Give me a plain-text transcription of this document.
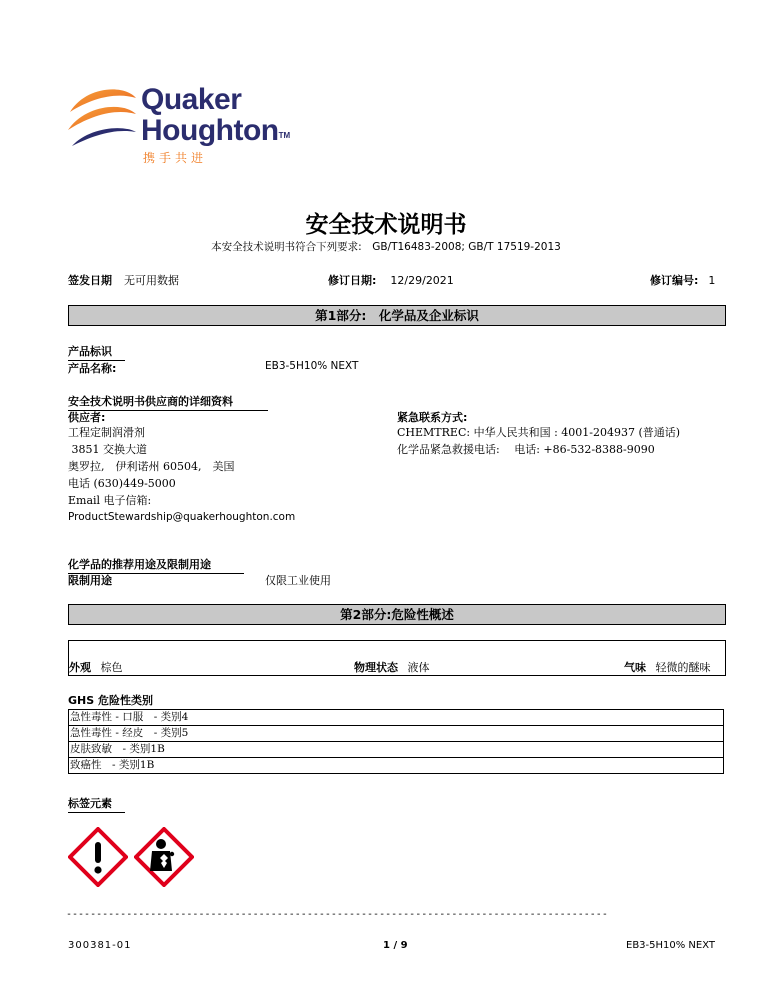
Quaker
HoughtonTM
携手共进
安全技术说明书
本安全技术说明书符合下列要求:　GB/T16483-2008; GB/T 17519-2013
签发日期 无可用数据	修订日期: 12/29/2021	修订编号: 1
第1部分:　化学品及企业标识
产品标识
产品名称:	EB3-5H10% NEXT
安全技术说明书供应商的详细资料
供应者:
工程定制润滑剂
3851 交换大道
奥罗拉,　伊利诺州 60504,　美国
电话 (630)449-5000
Email 电子信箱:
ProductStewardship@quakerhoughton.com
紧急联系方式:
CHEMTREC: 中华人民共和国 : 4001-204937 (普通话)
化学品紧急救援电话:　 电话: +86-532-8388-9090
化学品的推荐用途及限制用途
限制用途	仅限工业使用
第2部分:危险性概述
外观 棕色	物理状态 液体	气味 轻微的醚味
GHS 危险性类别
急性毒性 - 口服　- 类别4
急性毒性 - 经皮　- 类别5
皮肤致敏　- 类别1B
致癌性　- 类别1B
标签元素
------------------------------------------------------------------------------------------
300381-01	1 / 9	EB3-5H10% NEXT
